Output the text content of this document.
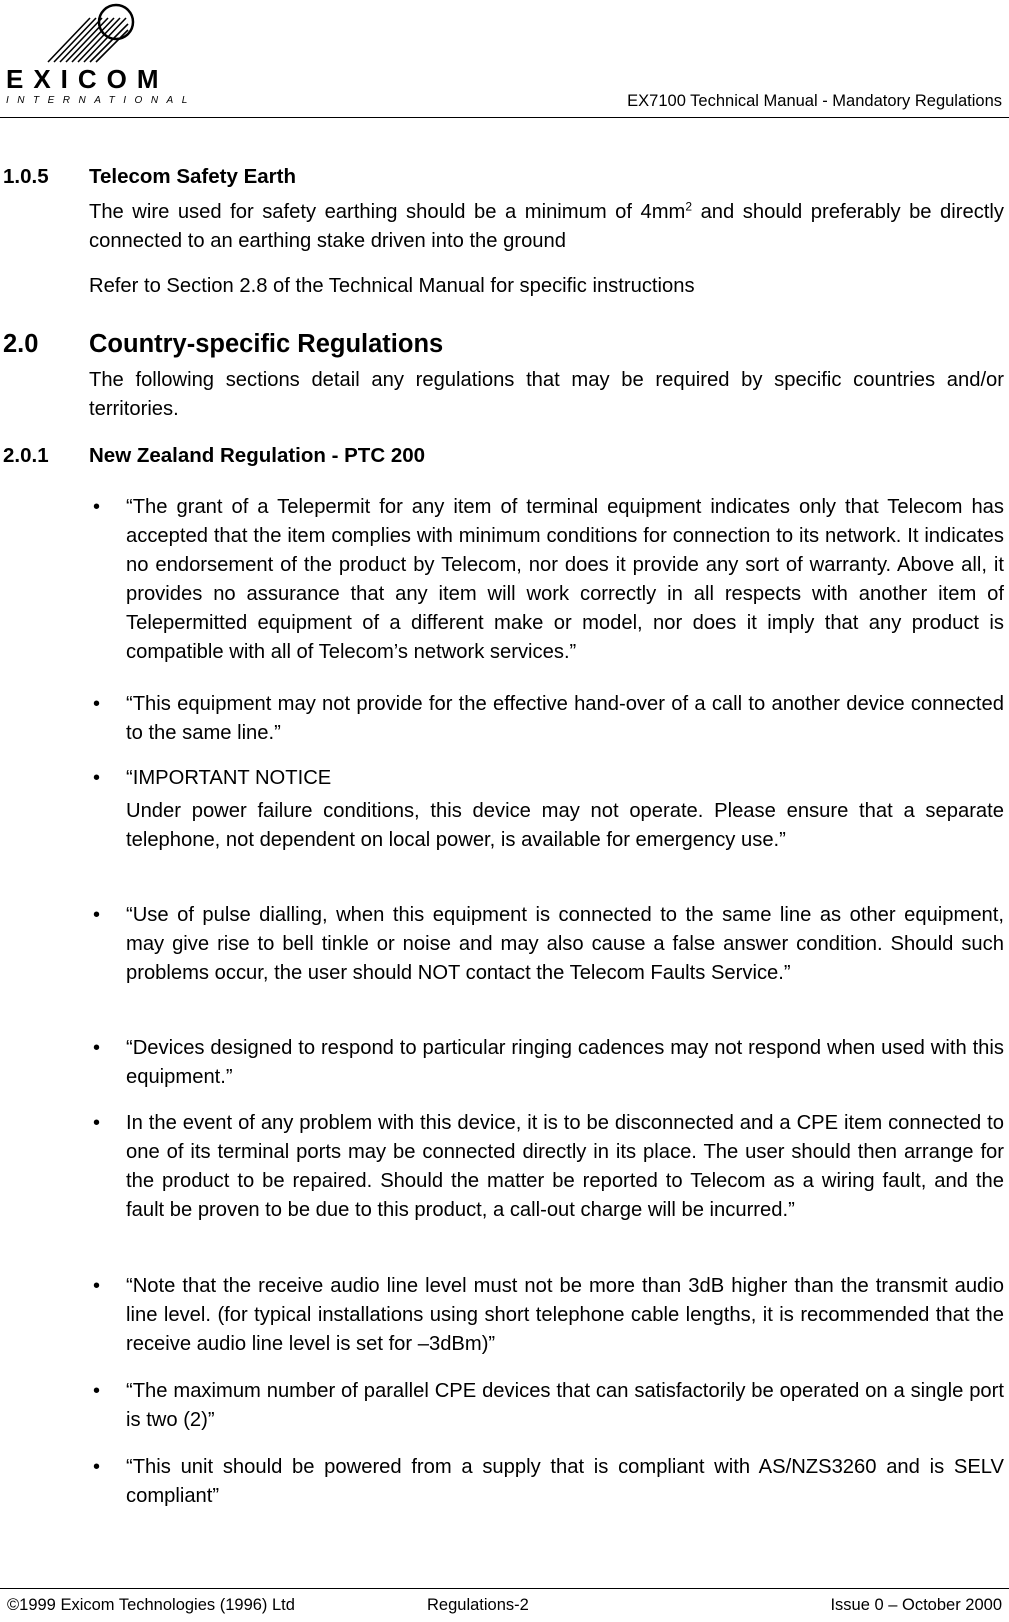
EXICOM
INTERNATIONAL	EX7100 Technical Manual - Mandatory Regulations
1.0.5 Telecom Safety Earth
The wire used for safety earthing should be a minimum of $4mm^2$ and should preferably be directly connected to an earthing stake driven into the ground
Refer to Section 2.8 of the Technical Manual for specific instructions
2.0 Country-specific Regulations
The following sections detail any regulations that may be required by specific countries and/or territories.
2.0.1 New Zealand Regulation - PTC 200
• “The grant of a Telepermit for any item of terminal equipment indicates only that Telecom has accepted that the item complies with minimum conditions for connection to its network. It indicates no endorsement of the product by Telecom, nor does it provide any sort of warranty. Above all, it provides no assurance that any item will work correctly in all respects with another item of Telepermitted equipment of a different make or model, nor does it imply that any product is compatible with all of Telecom’s network services.”
• “This equipment may not provide for the effective hand-over of a call to another device connected to the same line.”
• “IMPORTANT NOTICE
Under power failure conditions, this device may not operate. Please ensure that a separate telephone, not dependent on local power, is available for emergency use.”
• “Use of pulse dialling, when this equipment is connected to the same line as other equipment, may give rise to bell tinkle or noise and may also cause a false answer condition. Should such problems occur, the user should NOT contact the Telecom Faults Service.”
• “Devices designed to respond to particular ringing cadences may not respond when used with this equipment.”
• In the event of any problem with this device, it is to be disconnected and a CPE item connected to one of its terminal ports may be connected directly in its place. The user should then arrange for the product to be repaired. Should the matter be reported to Telecom as a wiring fault, and the fault be proven to be due to this product, a call-out charge will be incurred.”
• “Note that the receive audio line level must not be more than 3dB higher than the transmit audio line level. (for typical installations using short telephone cable lengths, it is recommended that the receive audio line level is set for –3dBm)”
• “The maximum number of parallel CPE devices that can satisfactorily be operated on a single port is two (2)”
• “This unit should be powered from a supply that is compliant with AS/NZS3260 and is SELV compliant”
©1999 Exicom Technologies (1996) Ltd	Regulations-2	Issue 0 – October 2000
